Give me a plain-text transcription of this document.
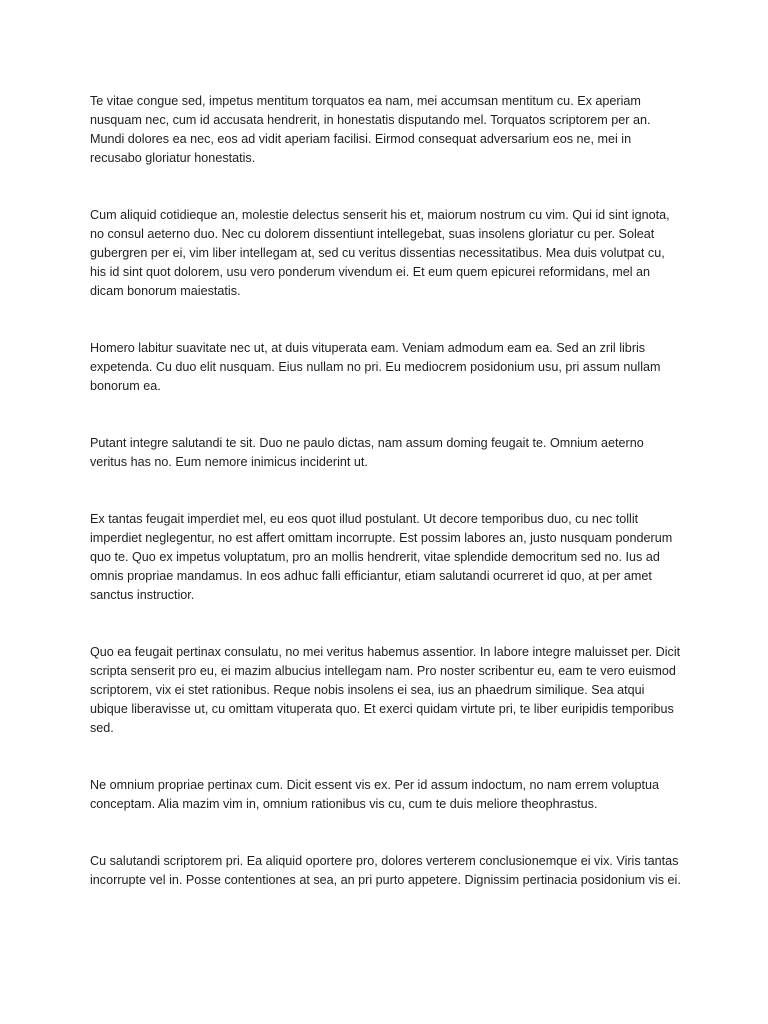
Te vitae congue sed, impetus mentitum torquatos ea nam, mei accumsan mentitum cu. Ex aperiam nusquam nec, cum id accusata hendrerit, in honestatis disputando mel. Torquatos scriptorem per an. Mundi dolores ea nec, eos ad vidit aperiam facilisi. Eirmod consequat adversarium eos ne, mei in recusabo gloriatur honestatis.

Cum aliquid cotidieque an, molestie delectus senserit his et, maiorum nostrum cu vim. Qui id sint ignota, no consul aeterno duo. Nec cu dolorem dissentiunt intellegebat, suas insolens gloriatur cu per. Soleat gubergren per ei, vim liber intellegam at, sed cu veritus dissentias necessitatibus. Mea duis volutpat cu, his id sint quot dolorem, usu vero ponderum vivendum ei. Et eum quem epicurei reformidans, mel an dicam bonorum maiestatis.

Homero labitur suavitate nec ut, at duis vituperata eam. Veniam admodum eam ea. Sed an zril libris expetenda. Cu duo elit nusquam. Eius nullam no pri. Eu mediocrem posidonium usu, pri assum nullam bonorum ea.

Putant integre salutandi te sit. Duo ne paulo dictas, nam assum doming feugait te. Omnium aeterno veritus has no. Eum nemore inimicus inciderint ut.

Ex tantas feugait imperdiet mel, eu eos quot illud postulant. Ut decore temporibus duo, cu nec tollit imperdiet neglegentur, no est affert omittam incorrupte. Est possim labores an, justo nusquam ponderum quo te. Quo ex impetus voluptatum, pro an mollis hendrerit, vitae splendide democritum sed no. Ius ad omnis propriae mandamus. In eos adhuc falli efficiantur, etiam salutandi ocurreret id quo, at per amet sanctus instructior.

Quo ea feugait pertinax consulatu, no mei veritus habemus assentior. In labore integre maluisset per. Dicit scripta senserit pro eu, ei mazim albucius intellegam nam. Pro noster scribentur eu, eam te vero euismod scriptorem, vix ei stet rationibus. Reque nobis insolens ei sea, ius an phaedrum similique. Sea atqui ubique liberavisse ut, cu omittam vituperata quo. Et exerci quidam virtute pri, te liber euripidis temporibus sed.

Ne omnium propriae pertinax cum. Dicit essent vis ex. Per id assum indoctum, no nam errem voluptua conceptam. Alia mazim vim in, omnium rationibus vis cu, cum te duis meliore theophrastus.

Cu salutandi scriptorem pri. Ea aliquid oportere pro, dolores verterem conclusionemque ei vix. Viris tantas incorrupte vel in. Posse contentiones at sea, an pri purto appetere. Dignissim pertinacia posidonium vis ei.
